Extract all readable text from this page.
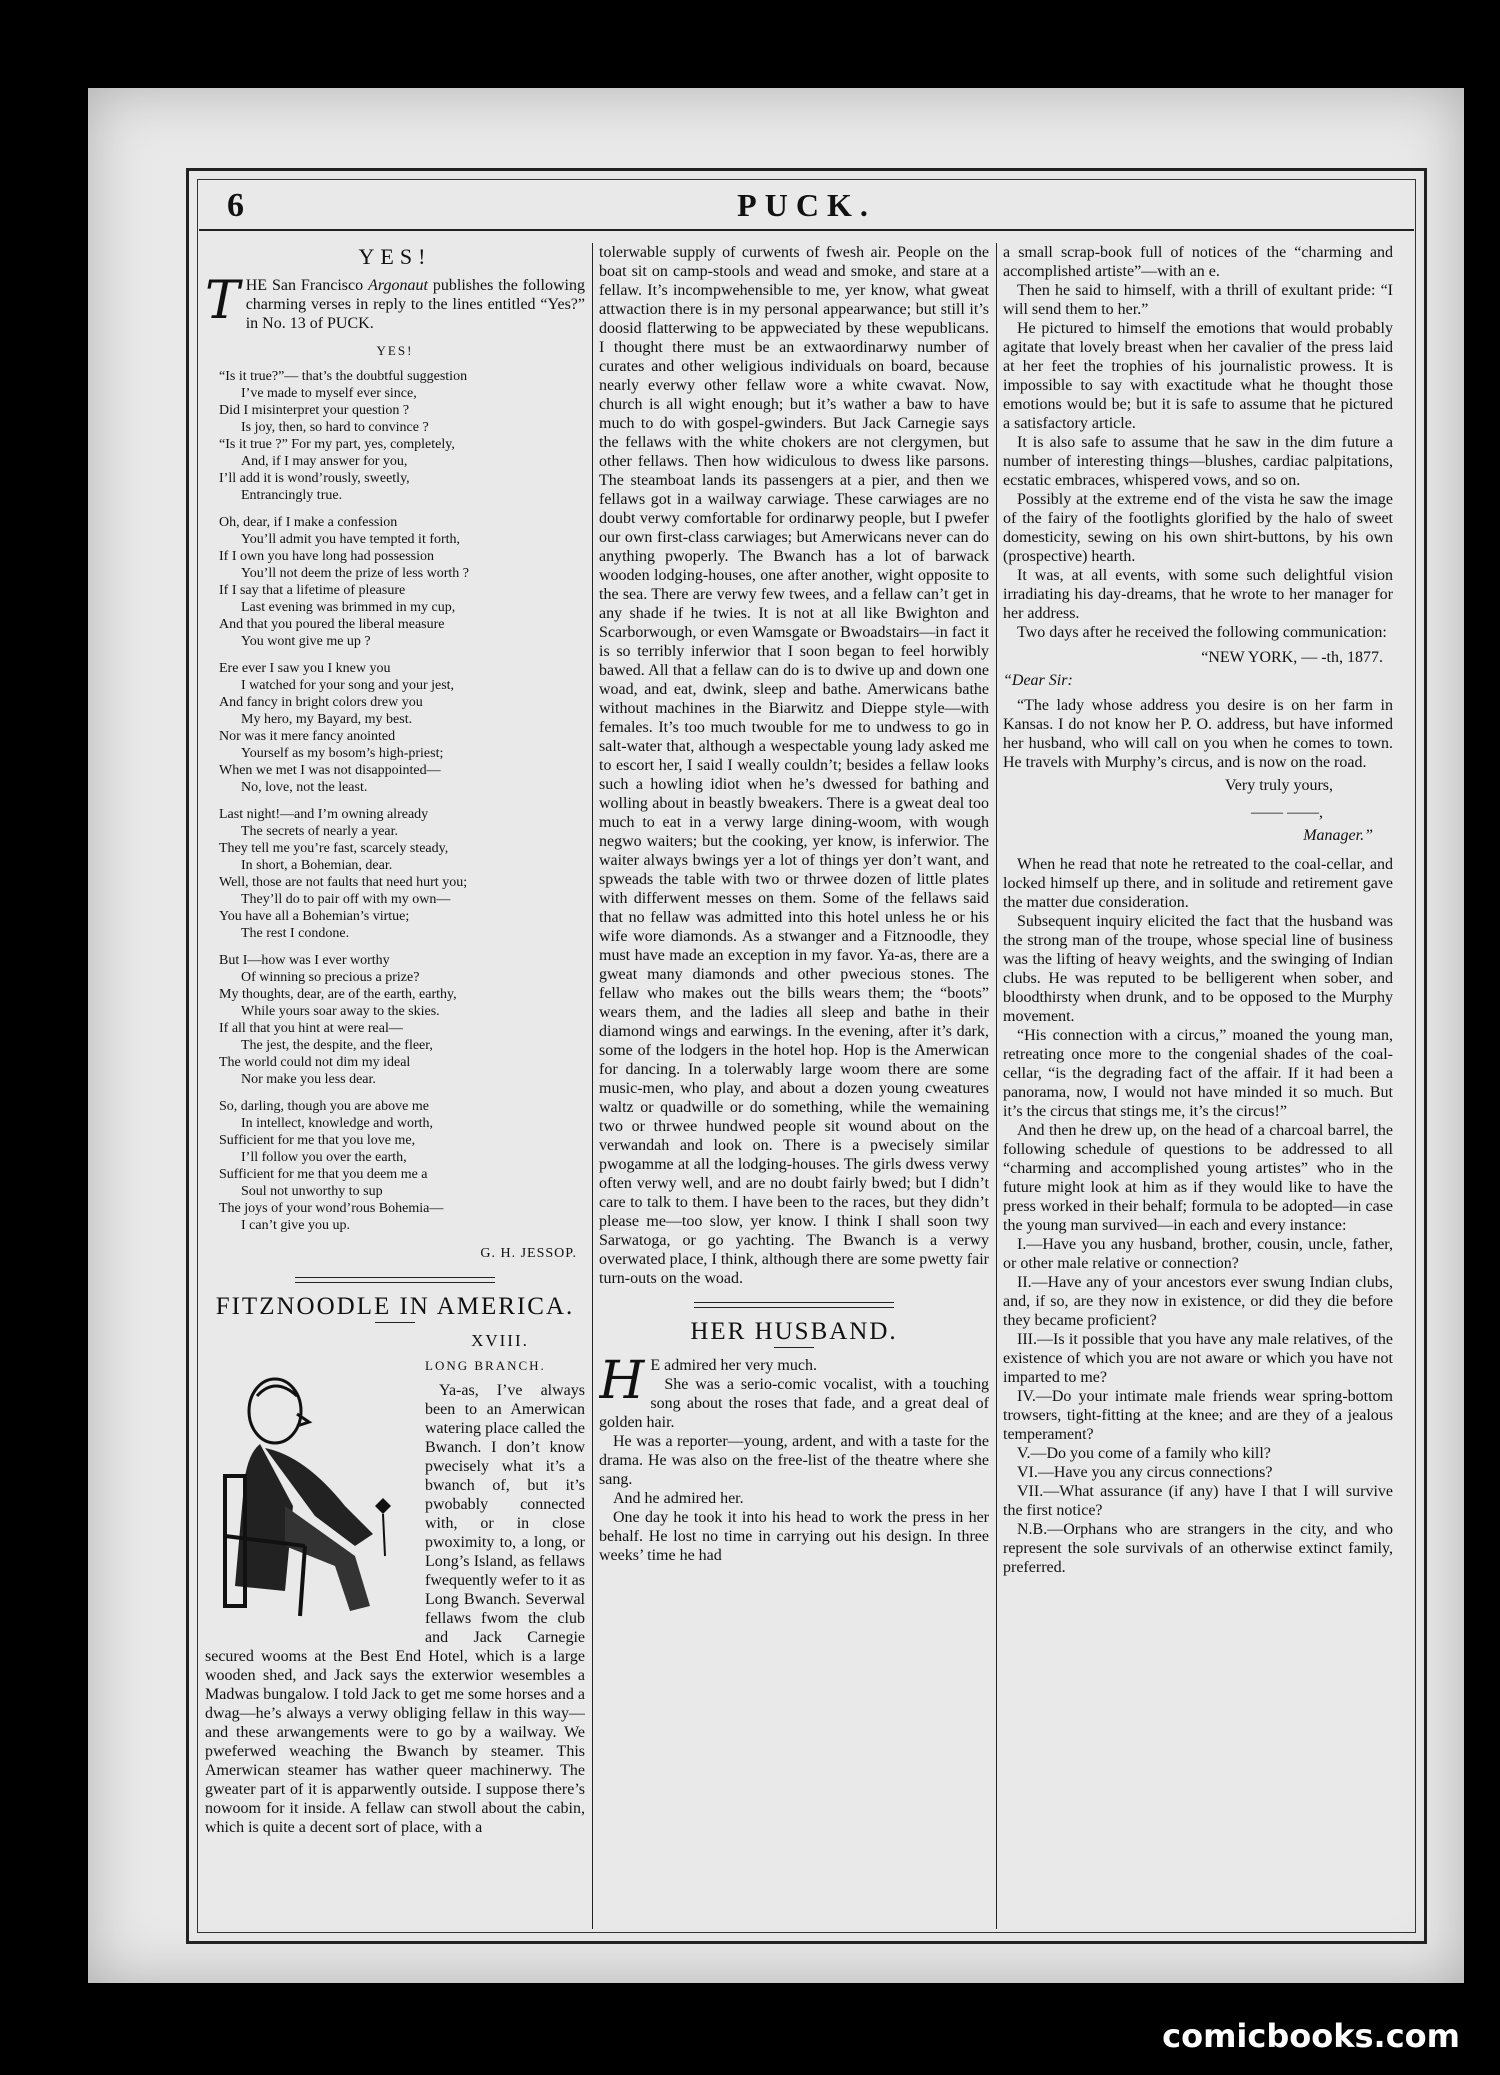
6	PUCK.
YES!

THE San Francisco Argonaut publishes the following charming verses in reply to the lines entitled “Yes?” in No. 13 of PUCK.

YES!
“Is it true?”— that’s the doubtful suggestion
I’ve made to myself ever since,
Did I misinterpret your question ?
Is joy, then, so hard to convince ?
“Is it true ?” For my part, yes, completely,
And, if I may answer for you,
I’ll add it is wond’rously, sweetly,
Entrancingly true.
Oh, dear, if I make a confession
You’ll admit you have tempted it forth,
If I own you have long had possession
You’ll not deem the prize of less worth ?
If I say that a lifetime of pleasure
Last evening was brimmed in my cup,
And that you poured the liberal measure
You wont give me up ?
Ere ever I saw you I knew you
I watched for your song and your jest,
And fancy in bright colors drew you
My hero, my Bayard, my best.
Nor was it mere fancy anointed
Yourself as my bosom’s high-priest;
When we met I was not disappointed—
No, love, not the least.
Last night!—and I’m owning already
The secrets of nearly a year.
They tell me you’re fast, scarcely steady,
In short, a Bohemian, dear.
Well, those are not faults that need hurt you;
They’ll do to pair off with my own—
You have all a Bohemian’s virtue;
The rest I condone.
But I—how was I ever worthy
Of winning so precious a prize?
My thoughts, dear, are of the earth, earthy,
While yours soar away to the skies.
If all that you hint at were real—
The jest, the despite, and the fleer,
The world could not dim my ideal
Nor make you less dear.
So, darling, though you are above me
In intellect, knowledge and worth,
Sufficient for me that you love me,
I’ll follow you over the earth,
Sufficient for me that you deem me a
Soul not unworthy to sup
The joys of your wond’rous Bohemia—
I can’t give you up.
G. H. JESSOP.
FITZNOODLE IN AMERICA.
XVIII.
LONG BRANCH.

Ya-as, I’ve always been to an Amerwican watering place called the Bwanch. I don’t know pwecisely what it’s a bwanch of, but it’s pwobably connected with, or in close pwoximity to, a long, or Long’s Island, as fellaws fwequently wefer to it as Long Bwanch. Severwal fellaws fwom the club and Jack Carnegie secured wooms at the Best End Hotel, which is a large wooden shed, and Jack says the exterwior wesembles a Madwas bungalow. I told Jack to get me some horses and a dwag—he’s always a verwy obliging fellaw in this way—and these arwangements were to go by a wailway. We pweferwed weaching the Bwanch by steamer. This Amerwican steamer has wather queer machinerwy. The gweater part of it is apparwently outside. I suppose there’s nowoom for it inside. A fellaw can stwoll about the cabin, which is quite a decent sort of place, with a

tolerwable supply of curwents of fwesh air. People on the boat sit on camp-stools and wead and smoke, and stare at a fellaw. It’s incompwehensible to me, yer know, what gweat attwaction there is in my personal appearwance; but still it’s doosid flatterwing to be appweciated by these wepublicans. I thought there must be an extwaordinarwy number of curates and other weligious individuals on board, because nearly everwy other fellaw wore a white cwavat. Now, church is all wight enough; but it’s wather a baw to have much to do with gospel-gwinders. But Jack Carnegie says the fellaws with the white chokers are not clergymen, but other fellaws. Then how widiculous to dwess like parsons. The steamboat lands its passengers at a pier, and then we fellaws got in a wailway carwiage. These carwiages are no doubt verwy comfortable for ordinarwy people, but I pwefer our own first-class carwiages; but Amerwicans never can do anything pwoperly. The Bwanch has a lot of barwack wooden lodging-houses, one after another, wight opposite to the sea. There are verwy few twees, and a fellaw can’t get in any shade if he twies. It is not at all like Bwighton and Scarborwough, or even Wamsgate or Bwoadstairs—in fact it is so terribly inferwior that I soon began to feel horwibly bawed. All that a fellaw can do is to dwive up and down one woad, and eat, dwink, sleep and bathe. Amerwicans bathe without machines in the Biarwitz and Dieppe style—with females. It’s too much twouble for me to undwess to go in salt-water that, although a wespectable young lady asked me to escort her, I said I weally couldn’t; besides a fellaw looks such a howling idiot when he’s dwessed for bathing and wolling about in beastly bweakers. There is a gweat deal too much to eat in a verwy large dining-woom, with wough negwo waiters; but the cooking, yer know, is inferwior. The waiter always bwings yer a lot of things yer don’t want, and spweads the table with two or thrwee dozen of little plates with differwent messes on them. Some of the fellaws said that no fellaw was admitted into this hotel unless he or his wife wore diamonds. As a stwanger and a Fitznoodle, they must have made an exception in my favor. Ya-as, there are a gweat many diamonds and other pwecious stones. The fellaw who makes out the bills wears them; the “boots” wears them, and the ladies all sleep and bathe in their diamond wings and earwings. In the evening, after it’s dark, some of the lodgers in the hotel hop. Hop is the Amerwican for dancing. In a tolerwably large woom there are some music-men, who play, and about a dozen young cweatures waltz or quadwille or do something, while the wemaining two or thrwee hundwed people sit wound about on the verwandah and look on. There is a pwecisely similar pwogamme at all the lodging-houses. The girls dwess verwy often verwy well, and are no doubt fairly bwed; but I didn’t care to talk to them. I have been to the races, but they didn’t please me—too slow, yer know. I think I shall soon twy Sarwatoga, or go yachting. The Bwanch is a verwy overwated place, I think, although there are some pwetty fair turn-outs on the woad.

HER HUSBAND.

H E admired her very much.

She was a serio-comic vocalist, with a touching song about the roses that fade, and a great deal of golden hair.

He was a reporter—young, ardent, and with a taste for the drama. He was also on the free-list of the theatre where she sang.

And he admired her.

One day he took it into his head to work the press in her behalf. He lost no time in carrying out his design. In three weeks’ time he had

a small scrap-book full of notices of the “charming and accomplished artiste”—with an e.

Then he said to himself, with a thrill of exultant pride: “I will send them to her.”

He pictured to himself the emotions that would probably agitate that lovely breast when her cavalier of the press laid at her feet the trophies of his journalistic prowess. It is impossible to say with exactitude what he thought those emotions would be; but it is safe to assume that he pictured a satisfactory article.

It is also safe to assume that he saw in the dim future a number of interesting things—blushes, cardiac palpitations, ecstatic embraces, whispered vows, and so on.

Possibly at the extreme end of the vista he saw the image of the fairy of the footlights glorified by the halo of sweet domesticity, sewing on his own shirt-buttons, by his own (prospective) hearth.

It was, at all events, with some such delightful vision irradiating his day-dreams, that he wrote to her manager for her address.

Two days after he received the following communication:

“NEW YORK, — -th, 1877.
“Dear Sir:

“The lady whose address you desire is on her farm in Kansas. I do not know her P. O. address, but have informed her husband, who will call on you when he comes to town. He travels with Murphy’s circus, and is now on the road.

Very truly yours,
—— ——,
Manager.”

When he read that note he retreated to the coal-cellar, and locked himself up there, and in solitude and retirement gave the matter due consideration.

Subsequent inquiry elicited the fact that the husband was the strong man of the troupe, whose special line of business was the lifting of heavy weights, and the swinging of Indian clubs. He was reputed to be belligerent when sober, and bloodthirsty when drunk, and to be opposed to the Murphy movement.

“His connection with a circus,” moaned the young man, retreating once more to the congenial shades of the coal-cellar, “is the degrading fact of the affair. If it had been a panorama, now, I would not have minded it so much. But it’s the circus that stings me, it’s the circus!”

And then he drew up, on the head of a charcoal barrel, the following schedule of questions to be addressed to all “charming and accomplished young artistes” who in the future might look at him as if they would like to have the press worked in their behalf; formula to be adopted—in case the young man survived—in each and every instance:

I.—Have you any husband, brother, cousin, uncle, father, or other male relative or connection?

II.—Have any of your ancestors ever swung Indian clubs, and, if so, are they now in existence, or did they die before they became proficient?

III.—Is it possible that you have any male relatives, of the existence of which you are not aware or which you have not imparted to me?

IV.—Do your intimate male friends wear spring-bottom trowsers, tight-fitting at the knee; and are they of a jealous temperament?

V.—Do you come of a family who kill?

VI.—Have you any circus connections?

VII.—What assurance (if any) have I that I will survive the first notice?

N.B.—Orphans who are strangers in the city, and who represent the sole survivals of an otherwise extinct family, preferred.

comicbooks.com
